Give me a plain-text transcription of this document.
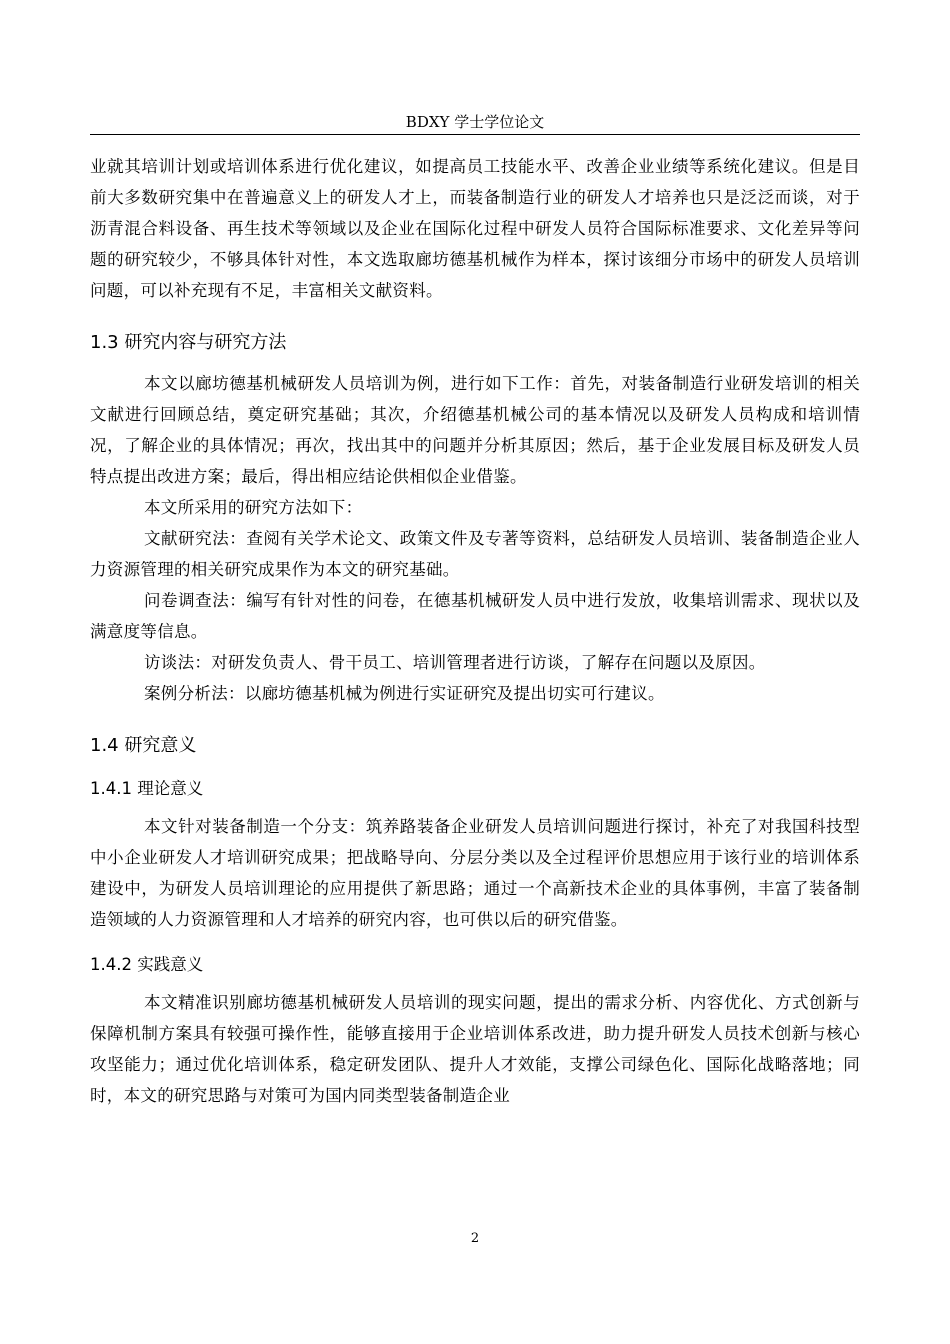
BDXY 学士学位论文

业就其培训计划或培训体系进行优化建议，如提高员工技能水平、改善企业业绩等系统化建议。但是目前大多数研究集中在普遍意义上的研发人才上，而装备制造行业的研发人才培养也只是泛泛而谈，对于沥青混合料设备、再生技术等领域以及企业在国际化过程中研发人员符合国际标准要求、文化差异等问题的研究较少，不够具体针对性，本文选取廊坊德基机械作为样本，探讨该细分市场中的研发人员培训问题，可以补充现有不足，丰富相关文献资料。

1.3 研究内容与研究方法

本文以廊坊德基机械研发人员培训为例，进行如下工作：首先，对装备制造行业研发培训的相关文献进行回顾总结，奠定研究基础；其次，介绍德基机械公司的基本情况以及研发人员构成和培训情况，了解企业的具体情况；再次，找出其中的问题并分析其原因；然后，基于企业发展目标及研发人员特点提出改进方案；最后，得出相应结论供相似企业借鉴。

本文所采用的研究方法如下：

文献研究法：查阅有关学术论文、政策文件及专著等资料，总结研发人员培训、装备制造企业人力资源管理的相关研究成果作为本文的研究基础。

问卷调查法：编写有针对性的问卷，在德基机械研发人员中进行发放，收集培训需求、现状以及满意度等信息。

访谈法：对研发负责人、骨干员工、培训管理者进行访谈，了解存在问题以及原因。

案例分析法：以廊坊德基机械为例进行实证研究及提出切实可行建议。

1.4 研究意义
1.4.1 理论意义

本文针对装备制造一个分支：筑养路装备企业研发人员培训问题进行探讨，补充了对我国科技型中小企业研发人才培训研究成果；把战略导向、分层分类以及全过程评价思想应用于该行业的培训体系建设中，为研发人员培训理论的应用提供了新思路；通过一个高新技术企业的具体事例，丰富了装备制造领域的人力资源管理和人才培养的研究内容，也可供以后的研究借鉴。

1.4.2 实践意义

本文精准识别廊坊德基机械研发人员培训的现实问题，提出的需求分析、内容优化、方式创新与保障机制方案具有较强可操作性，能够直接用于企业培训体系改进，助力提升研发人员技术创新与核心攻坚能力；通过优化培训体系，稳定研发团队、提升人才效能，支撑公司绿色化、国际化战略落地；同时，本文的研究思路与对策可为国内同类型装备制造企业

2
